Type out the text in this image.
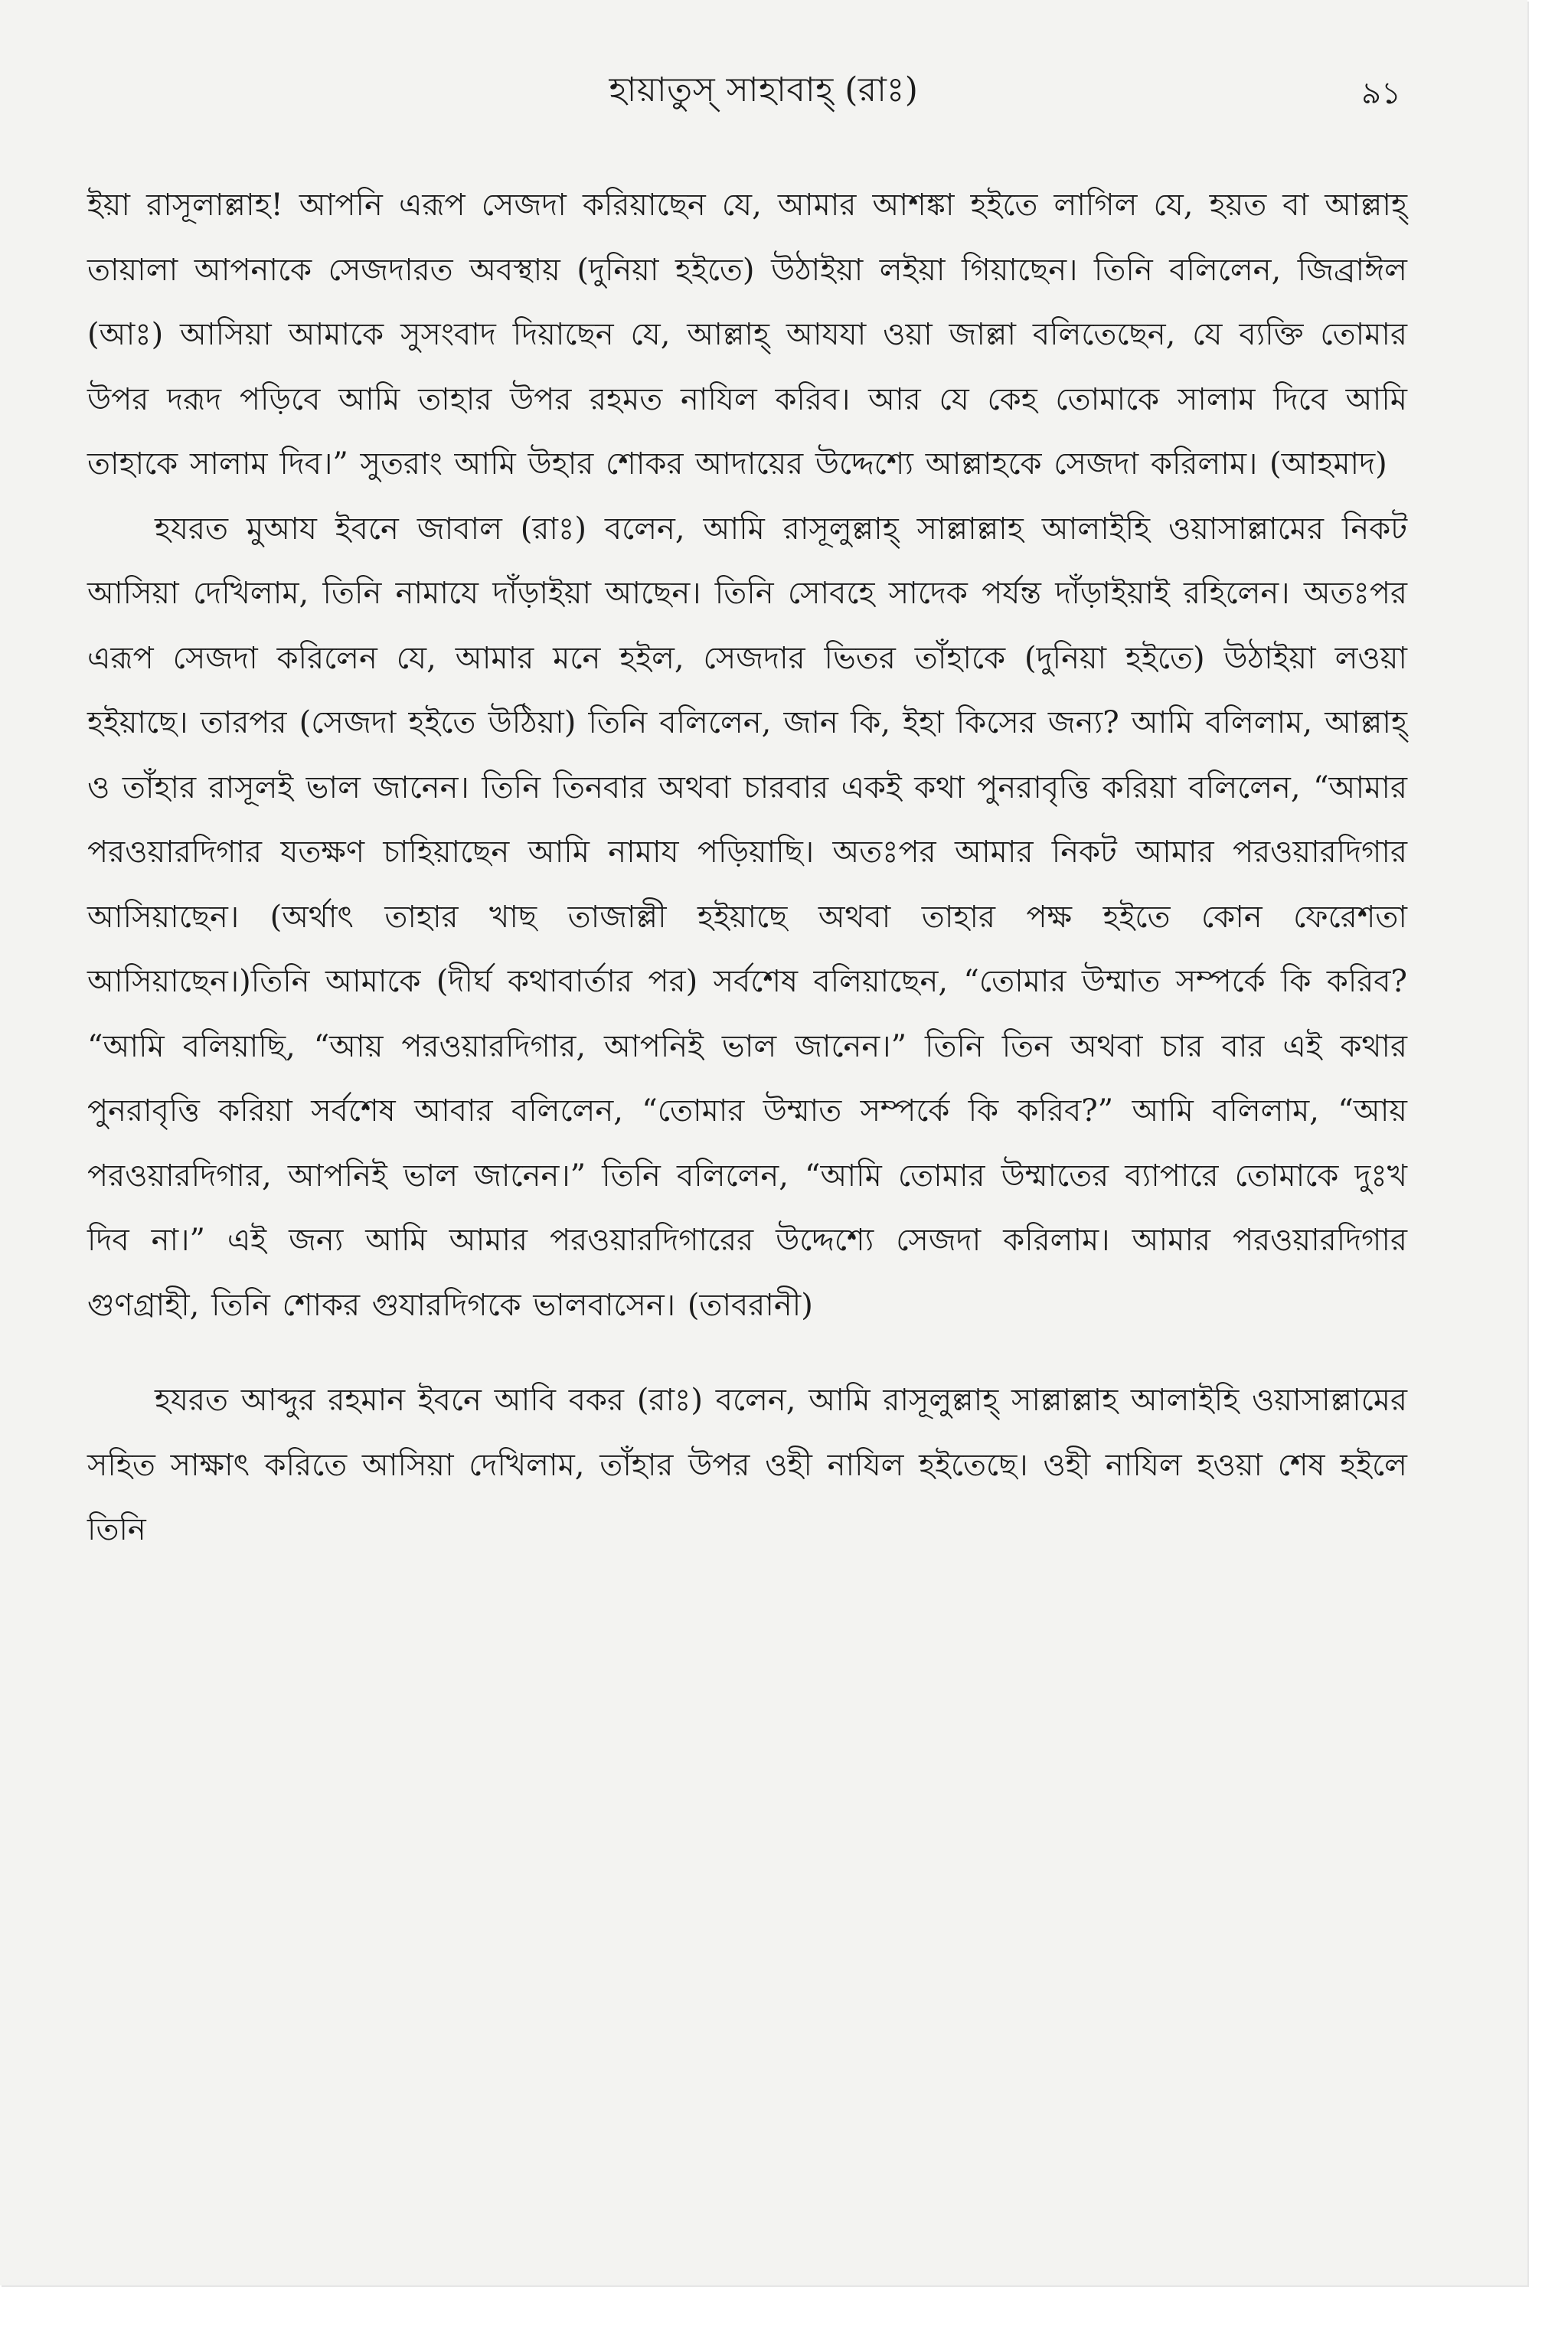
হায়াতুস্ সাহাবাহ্ (রাঃ)	৯১

ইয়া রাসূলাল্লাহ! আপনি এরূপ সেজদা করিয়াছেন যে, আমার আশঙ্কা হইতে লাগিল যে, হয়ত বা আল্লাহ্ তায়ালা আপনাকে সেজদারত অবস্থায় (দুনিয়া হইতে) উঠাইয়া লইয়া গিয়াছেন। তিনি বলিলেন, জিব্রাঈল (আঃ) আসিয়া আমাকে সুসংবাদ দিয়াছেন যে, আল্লাহ্ আযযা ওয়া জাল্লা বলিতেছেন, যে ব্যক্তি তোমার উপর দরূদ পড়িবে আমি তাহার উপর রহমত নাযিল করিব। আর যে কেহ তোমাকে সালাম দিবে আমি তাহাকে সালাম দিব।” সুতরাং আমি উহার শোকর আদায়ের উদ্দেশ্যে আল্লাহকে সেজদা করিলাম। (আহমাদ)

হযরত মুআয ইবনে জাবাল (রাঃ) বলেন, আমি রাসূলুল্লাহ্ সাল্লাল্লাহ আলাইহি ওয়াসাল্লামের নিকট আসিয়া দেখিলাম, তিনি নামাযে দাঁড়াইয়া আছেন। তিনি সোবহে সাদেক পর্যন্ত দাঁড়াইয়াই রহিলেন। অতঃপর এরূপ সেজদা করিলেন যে, আমার মনে হইল, সেজদার ভিতর তাঁহাকে (দুনিয়া হইতে) উঠাইয়া লওয়া হইয়াছে। তারপর (সেজদা হইতে উঠিয়া) তিনি বলিলেন, জান কি, ইহা কিসের জন্য? আমি বলিলাম, আল্লাহ্ ও তাঁহার রাসূলই ভাল জানেন। তিনি তিনবার অথবা চারবার একই কথা পুনরাবৃত্তি করিয়া বলিলেন, “আমার পরওয়ারদিগার যতক্ষণ চাহিয়াছেন আমি নামায পড়িয়াছি। অতঃপর আমার নিকট আমার পরওয়ারদিগার আসিয়াছেন। (অর্থাৎ তাহার খাছ তাজাল্লী হইয়াছে অথবা তাহার পক্ষ হইতে কোন ফেরেশতা আসিয়াছেন।)তিনি আমাকে (দীর্ঘ কথাবার্তার পর) সর্বশেষ বলিয়াছেন, “তোমার উম্মাত সম্পর্কে কি করিব? “আমি বলিয়াছি, “আয় পরওয়ারদিগার, আপনিই ভাল জানেন।” তিনি তিন অথবা চার বার এই কথার পুনরাবৃত্তি করিয়া সর্বশেষ আবার বলিলেন, “তোমার উম্মাত সম্পর্কে কি করিব?” আমি বলিলাম, “আয় পরওয়ারদিগার, আপনিই ভাল জানেন।” তিনি বলিলেন, “আমি তোমার উম্মাতের ব্যাপারে তোমাকে দুঃখ দিব না।” এই জন্য আমি আমার পরওয়ারদিগারের উদ্দেশ্যে সেজদা করিলাম। আমার পরওয়ারদিগার গুণগ্রাহী, তিনি শোকর গুযারদিগকে ভালবাসেন। (তাবরানী)

হযরত আব্দুর রহমান ইবনে আবি বকর (রাঃ) বলেন, আমি রাসূলুল্লাহ্ সাল্লাল্লাহ আলাইহি ওয়াসাল্লামের সহিত সাক্ষাৎ করিতে আসিয়া দেখিলাম, তাঁহার উপর ওহী নাযিল হইতেছে। ওহী নাযিল হওয়া শেষ হইলে তিনি
